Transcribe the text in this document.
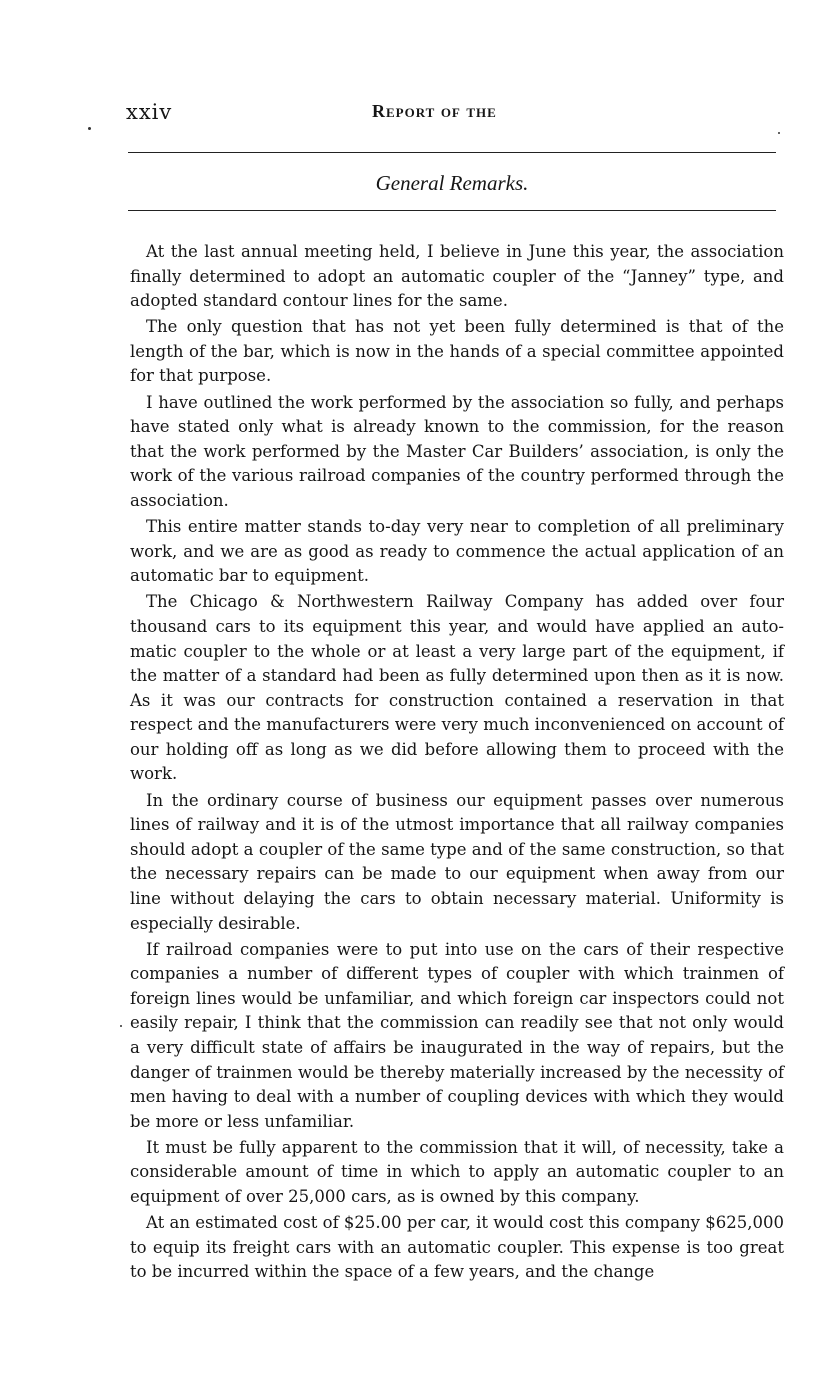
xxiv	Report of the
General Remarks.

At the last annual meeting held, I believe in June this year, the association finally determined to adopt an automatic coupler of the “Janney” type, and adopted standard contour lines for the same.

The only question that has not yet been fully determined is that of the length of the bar, which is now in the hands of a special committee appointed for that purpose.

I have outlined the work performed by the association so fully, and perhaps have stated only what is already known to the commission, for the reason that the work performed by the Master Car Builders’ association, is only the work of the various railroad companies of the country performed through the association.

This entire matter stands to-day very near to completion of all preliminary work, and we are as good as ready to commence the actual application of an automatic bar to equipment.

The Chicago & Northwestern Railway Company has added over four thousand cars to its equipment this year, and would have applied an automatic coupler to the whole or at least a very large part of the equipment, if the matter of a standard had been as fully determined upon then as it is now. As it was our contracts for construction contained a reservation in that respect and the manufacturers were very much inconvenienced on account of our holding off as long as we did before allowing them to proceed with the work.

In the ordinary course of business our equipment passes over numerous lines of railway and it is of the utmost importance that all railway companies should adopt a coupler of the same type and of the same construction, so that the necessary repairs can be made to our equipment when away from our line without delaying the cars to obtain necessary material. Uniformity is especially desirable.

If railroad companies were to put into use on the cars of their respective companies a number of different types of coupler with which trainmen of foreign lines would be unfamiliar, and which foreign car inspectors could not easily repair, I think that the commission can readily see that not only would a very difficult state of affairs be inaugurated in the way of repairs, but the danger of trainmen would be thereby materially increased by the necessity of men having to deal with a number of coupling devices with which they would be more or less unfamiliar.

It must be fully apparent to the commission that it will, of necessity, take a considerable amount of time in which to apply an automatic coupler to an equipment of over 25,000 cars, as is owned by this company.

At an estimated cost of $25.00 per car, it would cost this company $625,000 to equip its freight cars with an automatic coupler. This expense is too great to be incurred within the space of a few years, and the change
